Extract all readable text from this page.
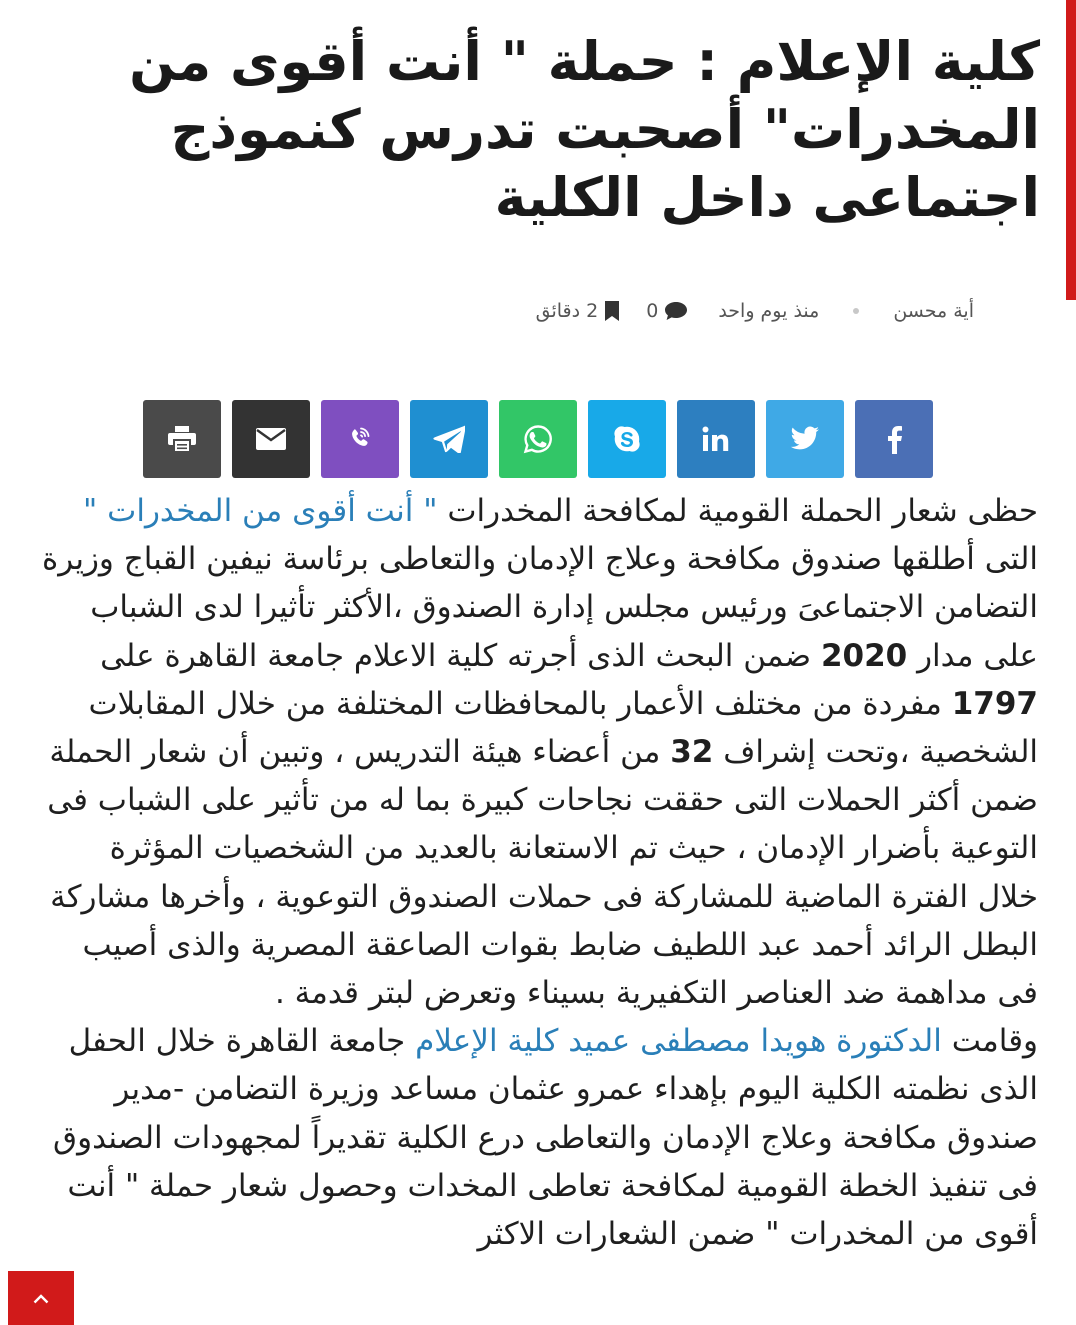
كلية الإعلام : حملة " أنت أقوى من المخدرات" أصحبت تدرس كنموذج اجتماعى داخل الكلية
أية محسن
منذ يوم واحد
0
2 دقائق

حظى شعار الحملة القومية لمكافحة المخدرات " أنت أقوى من المخدرات " التى أطلقها صندوق مكافحة وعلاج الإدمان والتعاطى برئاسة نيفين القباج وزيرة التضامن الاجتماعىَ ورئيس مجلس إدارة الصندوق ،الأكثر تأثيرا لدى الشباب على مدار 2020 ضمن البحث الذى أجرته كلية الاعلام جامعة القاهرة على 1797 مفردة من مختلف الأعمار بالمحافظات المختلفة من خلال المقابلات الشخصية ،وتحت إشراف 32 من أعضاء هيئة التدريس ، وتبين أن شعار الحملة ضمن أكثر الحملات التى حققت نجاحات كبيرة بما له من تأثير على الشباب فى التوعية بأضرار الإدمان ، حيث تم الاستعانة بالعديد من الشخصيات المؤثرة خلال الفترة الماضية للمشاركة فى حملات الصندوق التوعوية ، وأخرها مشاركة البطل الرائد أحمد عبد اللطيف ضابط بقوات الصاعقة المصرية والذى أصيب فى مداهمة ضد العناصر التكفيرية بسيناء وتعرض لبتر قدمة .

وقامت الدكتورة هويدا مصطفى عميد كلية الإعلام جامعة القاهرة خلال الحفل الذى نظمته الكلية اليوم بإهداء عمرو عثمان مساعد وزيرة التضامن -مدير صندوق مكافحة وعلاج الإدمان والتعاطى درع الكلية تقديراً لمجهودات الصندوق فى تنفيذ الخطة القومية لمكافحة تعاطى المخدات وحصول شعار حملة " أنت أقوى من المخدرات " ضمن الشعارات الاكثر
